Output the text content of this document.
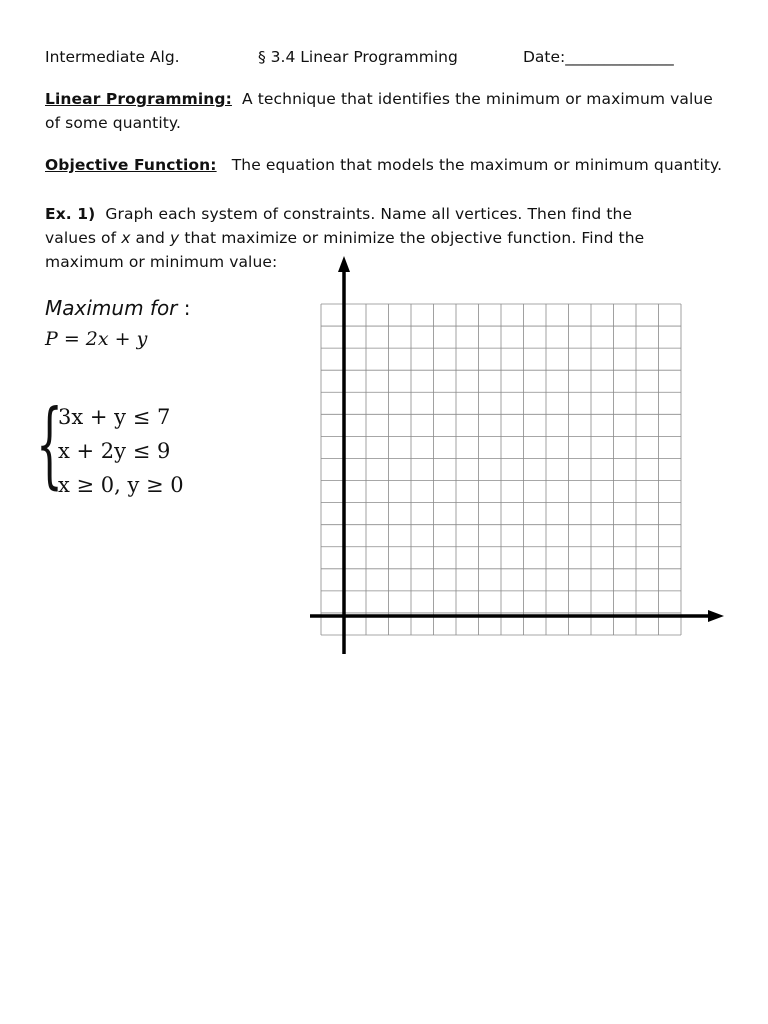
Intermediate Alg.	§ 3.4 Linear Programming	Date:______________
Linear Programming: A technique that identifies the minimum or maximum value
of some quantity.
Objective Function: The equation that models the maximum or minimum quantity.
Ex. 1) Graph each system of constraints. Name all vertices. Then find the
values of x and y that maximize or minimize the objective function. Find the
maximum or minimum value:
Maximum for :
P = 2x + y
{
3x + y ≤ 7
x + 2y ≤ 9
x ≥ 0, y ≥ 0
